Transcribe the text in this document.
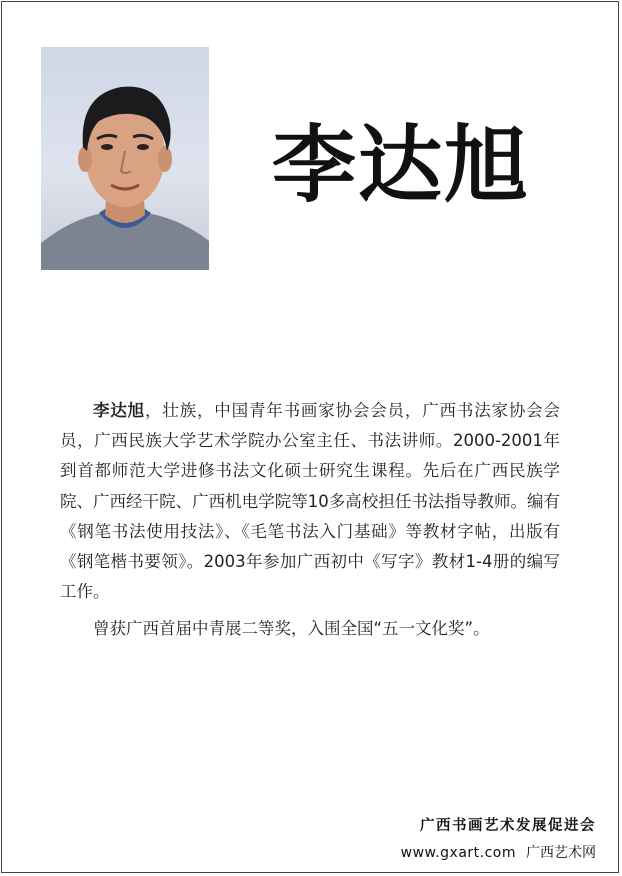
李达旭

李达旭，壮族，中国青年书画家协会会员，广西书法家协会会员，广西民族大学艺术学院办公室主任、书法讲师。2000-2001年到首都师范大学进修书法文化硕士研究生课程。先后在广西民族学院、广西经干院、广西机电学院等10多高校担任书法指导教师。编有《钢笔书法使用技法》、《毛笔书法入门基础》等教材字帖，出版有《钢笔楷书要领》。2003年参加广西初中《写字》教材1-4册的编写工作。

曾获广西首届中青展二等奖，入围全国“五一文化奖”。

广西书画艺术发展促进会
www.gxart.com 广西艺术网
